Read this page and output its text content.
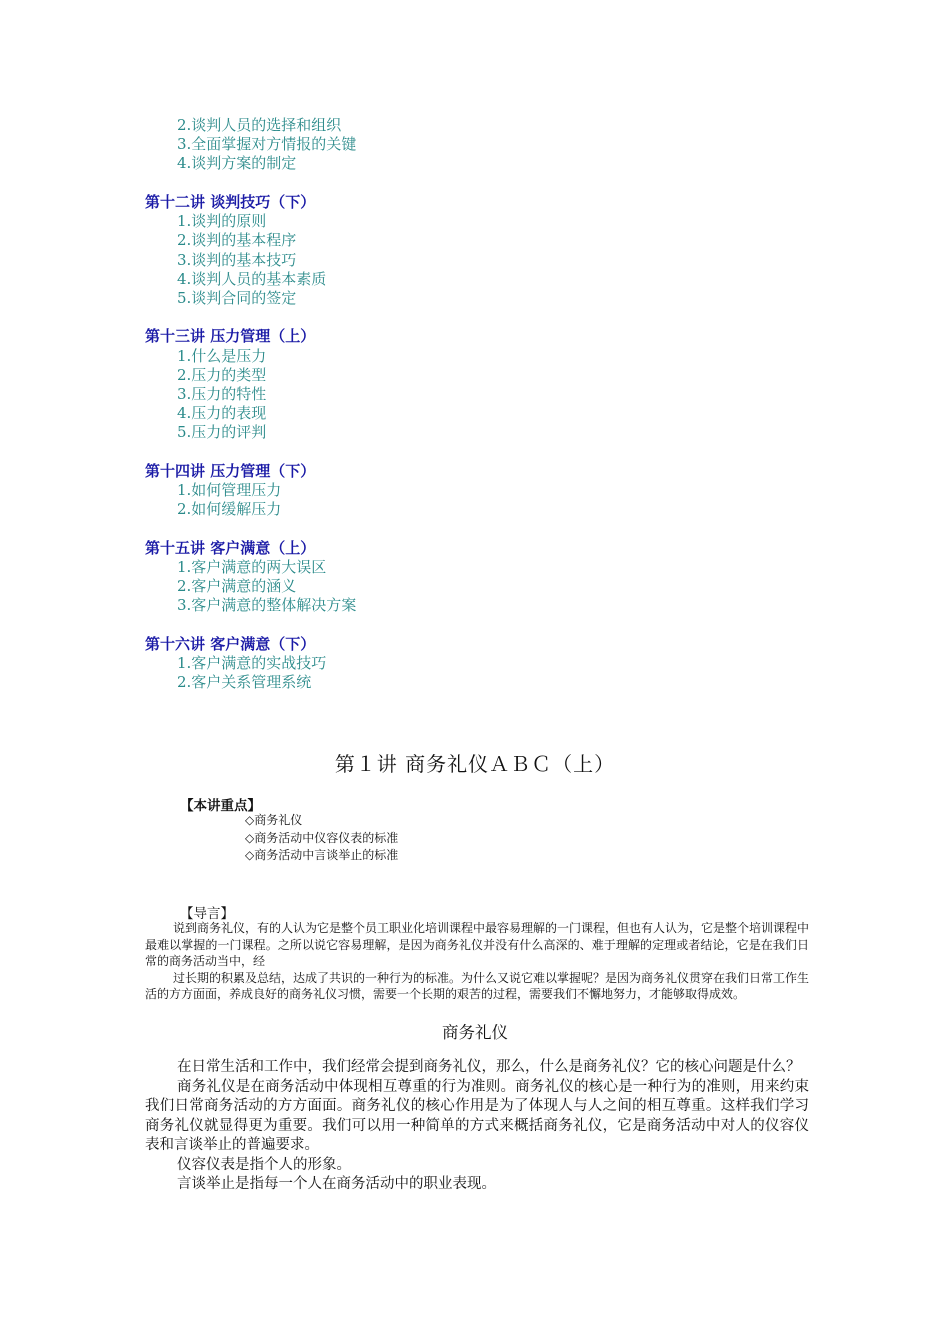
2.谈判人员的选择和组织
3.全面掌握对方情报的关键
4.谈判方案的制定
第十二讲 谈判技巧（下）
1.谈判的原则
2.谈判的基本程序
3.谈判的基本技巧
4.谈判人员的基本素质
5.谈判合同的签定
第十三讲 压力管理（上）
1.什么是压力
2.压力的类型
3.压力的特性
4.压力的表现
5.压力的评判
第十四讲 压力管理（下）
1.如何管理压力
2.如何缓解压力
第十五讲 客户满意（上）
1.客户满意的两大误区
2.客户满意的涵义
3.客户满意的整体解决方案
第十六讲 客户满意（下）
1.客户满意的实战技巧
2.客户关系管理系统
第１讲 商务礼仪ＡＢＣ（上）
【本讲重点】
◇商务礼仪
◇商务活动中仪容仪表的标准
◇商务活动中言谈举止的标准
【导言】

说到商务礼仪，有的人认为它是整个员工职业化培训课程中最容易理解的一门课程，但也有人认为，它是整个培训课程中最难以掌握的一门课程。之所以说它容易理解，是因为商务礼仪并没有什么高深的、难于理解的定理或者结论，它是在我们日常的商务活动当中，经

过长期的积累及总结，达成了共识的一种行为的标准。为什么又说它难以掌握呢？是因为商务礼仪贯穿在我们日常工作生活的方方面面，养成良好的商务礼仪习惯，需要一个长期的艰苦的过程，需要我们不懈地努力，才能够取得成效。

商务礼仪

在日常生活和工作中，我们经常会提到商务礼仪，那么，什么是商务礼仪？它的核心问题是什么？

商务礼仪是在商务活动中体现相互尊重的行为准则。商务礼仪的核心是一种行为的准则，用来约束我们日常商务活动的方方面面。商务礼仪的核心作用是为了体现人与人之间的相互尊重。这样我们学习商务礼仪就显得更为重要。我们可以用一种简单的方式来概括商务礼仪，它是商务活动中对人的仪容仪表和言谈举止的普遍要求。

仪容仪表是指个人的形象。

言谈举止是指每一个人在商务活动中的职业表现。
